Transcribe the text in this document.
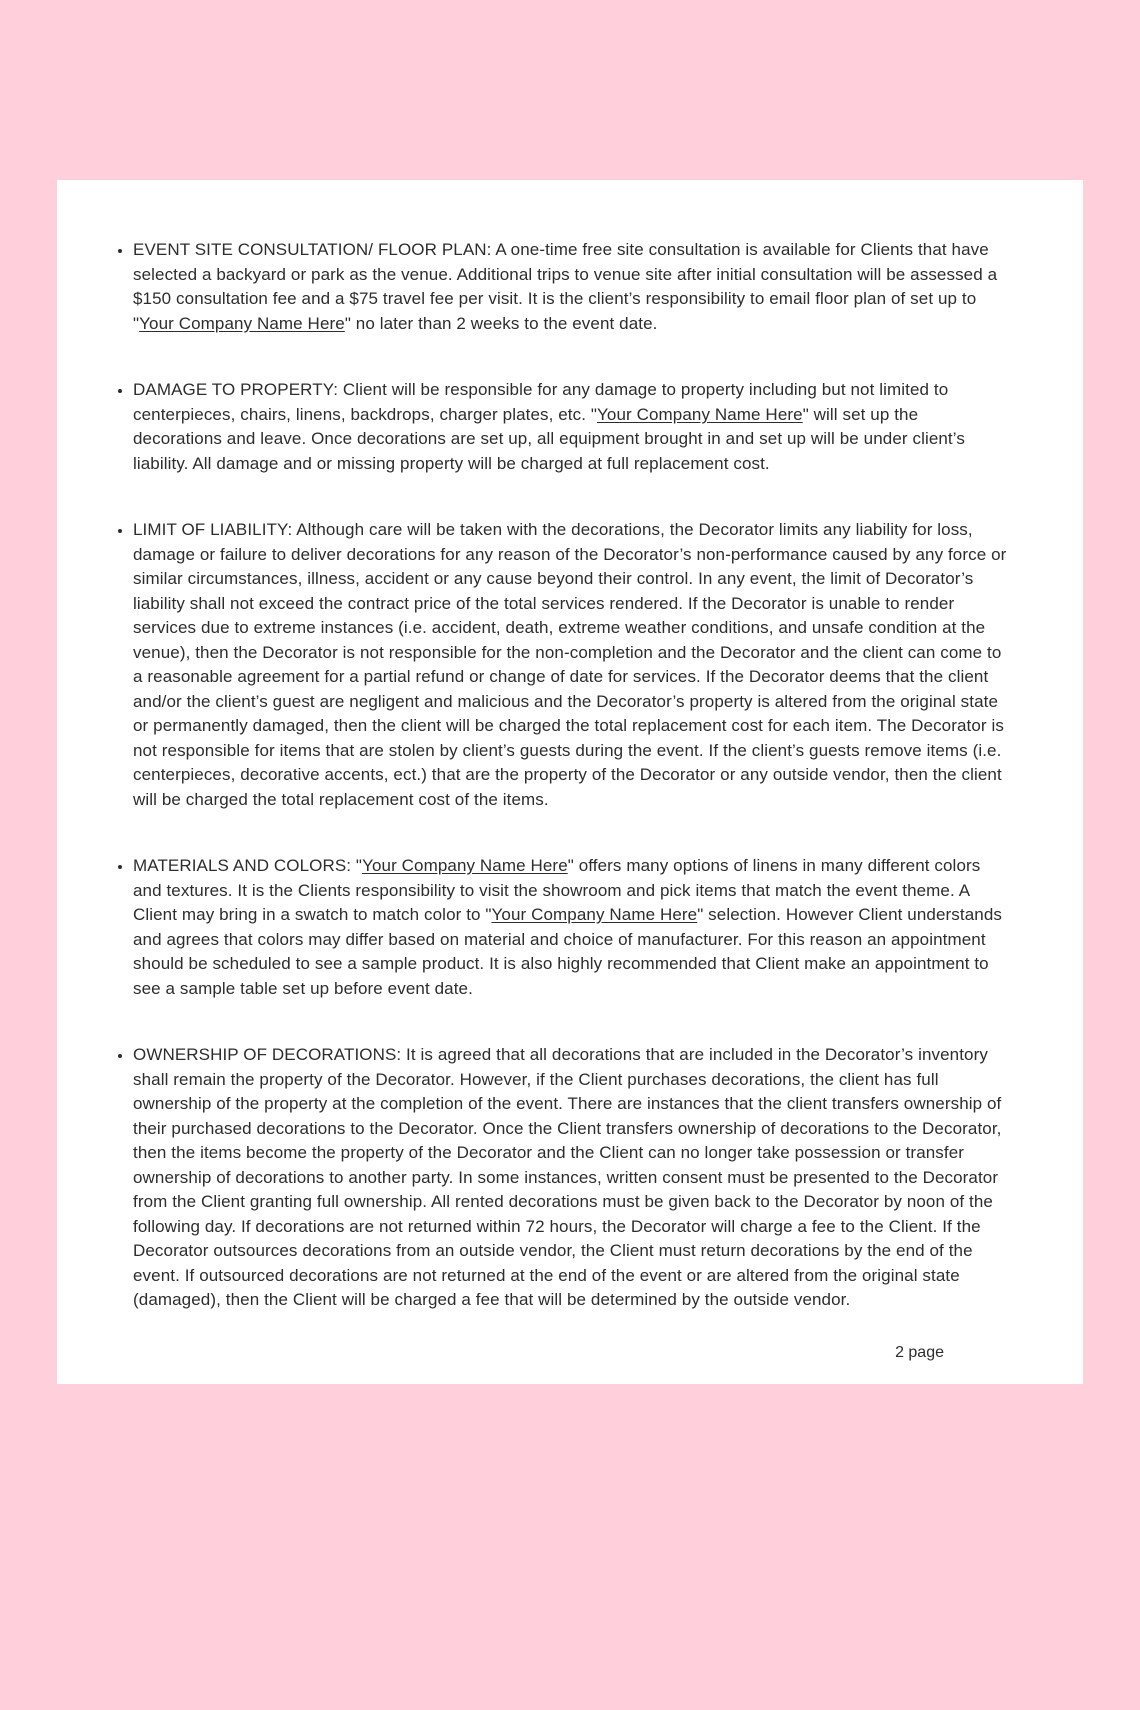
• EVENT SITE CONSULTATION/ FLOOR PLAN: A one-time free site consultation is available for Clients that have selected a backyard or park as the venue. Additional trips to venue site after initial consultation will be assessed a $150 consultation fee and a $75 travel fee per visit. It is the client’s responsibility to email floor plan of set up to "Your Company Name Here" no later than 2 weeks to the event date.
• DAMAGE TO PROPERTY: Client will be responsible for any damage to property including but not limited to centerpieces, chairs, linens, backdrops, charger plates, etc. "Your Company Name Here" will set up the decorations and leave. Once decorations are set up, all equipment brought in and set up will be under client’s liability. All damage and or missing property will be charged at full replacement cost.
• LIMIT OF LIABILITY: Although care will be taken with the decorations, the Decorator limits any liability for loss, damage or failure to deliver decorations for any reason of the Decorator’s non-performance caused by any force or similar circumstances, illness, accident or any cause beyond their control. In any event, the limit of Decorator’s liability shall not exceed the contract price of the total services rendered. If the Decorator is unable to render services due to extreme instances (i.e. accident, death, extreme weather conditions, and unsafe condition at the venue), then the Decorator is not responsible for the non-completion and the Decorator and the client can come to a reasonable agreement for a partial refund or change of date for services. If the Decorator deems that the client and/or the client’s guest are negligent and malicious and the Decorator’s property is altered from the original state or permanently damaged, then the client will be charged the total replacement cost for each item. The Decorator is not responsible for items that are stolen by client’s guests during the event. If the client’s guests remove items (i.e. centerpieces, decorative accents, ect.) that are the property of the Decorator or any outside vendor, then the client will be charged the total replacement cost of the items.
• MATERIALS AND COLORS: "Your Company Name Here" offers many options of linens in many different colors and textures. It is the Clients responsibility to visit the showroom and pick items that match the event theme. A Client may bring in a swatch to match color to "Your Company Name Here" selection. However Client understands and agrees that colors may differ based on material and choice of manufacturer. For this reason an appointment should be scheduled to see a sample product. It is also highly recommended that Client make an appointment to see a sample table set up before event date.
• OWNERSHIP OF DECORATIONS: It is agreed that all decorations that are included in the Decorator’s inventory shall remain the property of the Decorator. However, if the Client purchases decorations, the client has full ownership of the property at the completion of the event. There are instances that the client transfers ownership of their purchased decorations to the Decorator. Once the Client transfers ownership of decorations to the Decorator, then the items become the property of the Decorator and the Client can no longer take possession or transfer ownership of decorations to another party. In some instances, written consent must be presented to the Decorator from the Client granting full ownership. All rented decorations must be given back to the Decorator by noon of the following day. If decorations are not returned within 72 hours, the Decorator will charge a fee to the Client. If the Decorator outsources decorations from an outside vendor, the Client must return decorations by the end of the event. If outsourced decorations are not returned at the end of the event or are altered from the original state (damaged), then the Client will be charged a fee that will be determined by the outside vendor.
2 page
